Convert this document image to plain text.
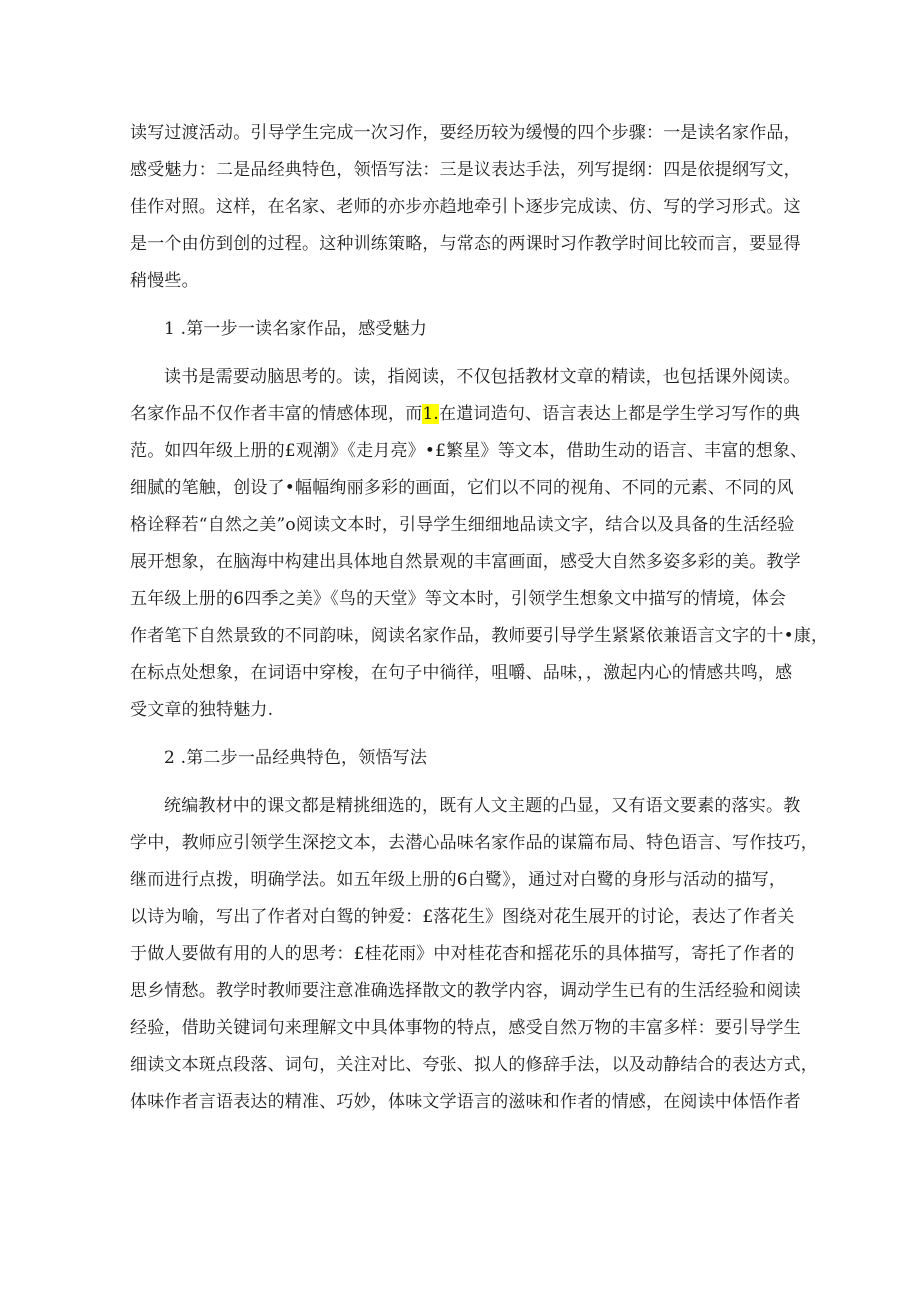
读写过渡活动。引导学生完成一次习作，要经历较为缓慢的四个步骤：一是读名家作品，
感受魅力：二是品经典特色，领悟写法：三是议表达手法，列写提纲：四是依提纲写文，
佳作对照。这样，在名家、老师的亦步亦趋地牵引卜逐步完成读、仿、写的学习形式。这
是一个由仿到创的过程。这种训练策略，与常态的两课时习作教学时间比较而言，要显得
稍慢些。
1 .第一步一读名家作品，感受魅力
读书是需要动脑思考的。读，指阅读，不仅包括教材文章的精读，也包括课外阅读。
名家作品不仅作者丰富的情感体现，而1.在遣词造句、语言表达上都是学生学习写作的典
范。如四年级上册的£观潮》《走月亮》•£繁星》等文本，借助生动的语言、丰富的想象、
细腻的笔触，创设了•幅幅绚丽多彩的画面，它们以不同的视角、不同的元素、不同的风
格诠释若“自然之美”o阅读文本时，引导学生细细地品读文字，结合以及具备的生活经验
展开想象，在脑海中构建出具体地自然景观的丰富画面，感受大自然多姿多彩的美。教学
五年级上册的6四季之美》《鸟的天堂》等文本时，引领学生想象文中描写的情境，体会
作者笔下自然景致的不同韵味，阅读名家作品，教师要引导学生紧紧依兼语言文字的十•康，
在标点处想象，在词语中穿梭，在句子中徜徉，咀嚼、品味，，激起内心的情感共鸣，感
受文章的独特魅力.
2 .第二步一品经典特色，领悟写法
统编教材中的课文都是精挑细选的，既有人文主题的凸显，又有语文要素的落实。教
学中，教师应引领学生深挖文本，去潜心品味名家作品的谋篇布局、特色语言、写作技巧，
继而进行点拨，明确学法。如五年级上册的6白鹭》，通过对白鹭的身形与活动的描写，
以诗为喻，写出了作者对白鸳的钟爱：£落花生》图绕对花生展开的讨论，表达了作者关
于做人要做有用的人的思考：£桂花雨》中对桂花杳和摇花乐的具体描写，寄托了作者的
思乡情愁。教学时教师要注意准确选择散文的教学内容，调动学生已有的生活经验和阅读
经验，借助关键词句来理解文中具体事物的特点，感受自然万物的丰富多样：要引导学生
细读文本斑点段落、词句，关注对比、夸张、拟人的修辞手法，以及动静结合的表达方式，
体味作者言语表达的精准、巧妙，体味文学语言的滋味和作者的情感，在阅读中体悟作者
